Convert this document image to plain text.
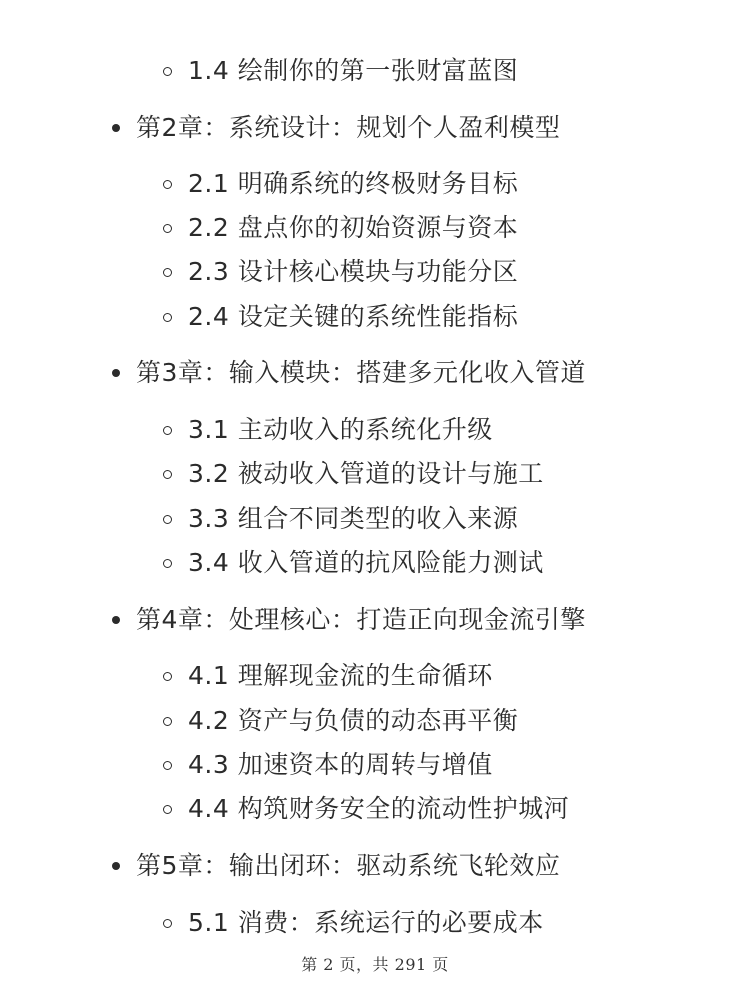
1.4 绘制你的第一张财富蓝图
第2章：系统设计：规划个人盈利模型
2.1 明确系统的终极财务目标
2.2 盘点你的初始资源与资本
2.3 设计核心模块与功能分区
2.4 设定关键的系统性能指标
第3章：输入模块：搭建多元化收入管道
3.1 主动收入的系统化升级
3.2 被动收入管道的设计与施工
3.3 组合不同类型的收入来源
3.4 收入管道的抗风险能力测试
第4章：处理核心：打造正向现金流引擎
4.1 理解现金流的生命循环
4.2 资产与负债的动态再平衡
4.3 加速资本的周转与增值
4.4 构筑财务安全的流动性护城河
第5章：输出闭环：驱动系统飞轮效应
5.1 消费：系统运行的必要成本
第 2 页，共 291 页
